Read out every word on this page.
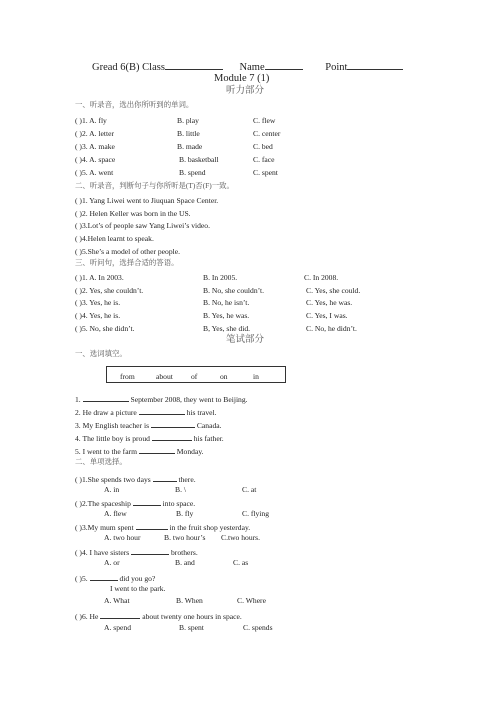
Gread 6(B) Class	Name	Point
Module 7 (1)
听力部分
一、听录音，选出你所听到的单词。
( )1. A. fly	B. play	C. flew
( )2. A. letter	B. little	C. center
( )3. A. make	B. made	C. bed
( )4. A. space	B. basketball	C. face
( )5. A. went	B. spend	C. spent
二、听录音，判断句子与你所听是(T)否(F)一致。
( )1. Yang Liwei went to Jiuquan Space Center.
( )2. Helen Keller was born in the US.
( )3.Lot’s of people saw Yang Liwei’s video.
( )4.Helen learnt to speak.
( )5.She’s a model of other people.
三、听问句，选择合适的答语。
( )1. A. In 2003.	B. In 2005.	C. In 2008.
( )2. Yes, she couldn’t.	B. No, she couldn’t.	C. Yes, she could.
( )3. Yes, he is.	B. No, he isn’t.	C. Yes, he was.
( )4. Yes, he is.	B. Yes, he was.	C. Yes, I was.
( )5. No, she didn’t.	B, Yes, she did.	C. No, he didn’t.
笔试部分
一、选词填空。
from	about of	on	in
1.	September 2008, they went to Beijing.
2. He draw a picture	his travel.
3. My English teacher is	Canada.
4. The little boy is proud	his father.
5. I went to the farm	Monday.
二、单项选择。
( )1.She spends two days	there.
A. in	B. \	C. at
( )2.The spaceship	into space.
A. flew	B. fly	C. flying
( )3.My mum spent	in the fruit shop yesterday.
A. two hour	B. two hour’s C.two hours.
( )4. I have sisters	brothers.
A. or	B. and	C. as
( )5.	did you go?
I went to the park.
A. What	B. When	C. Where
( )6. He	about twenty one hours in space.
A. spend	B. spent	C. spends
